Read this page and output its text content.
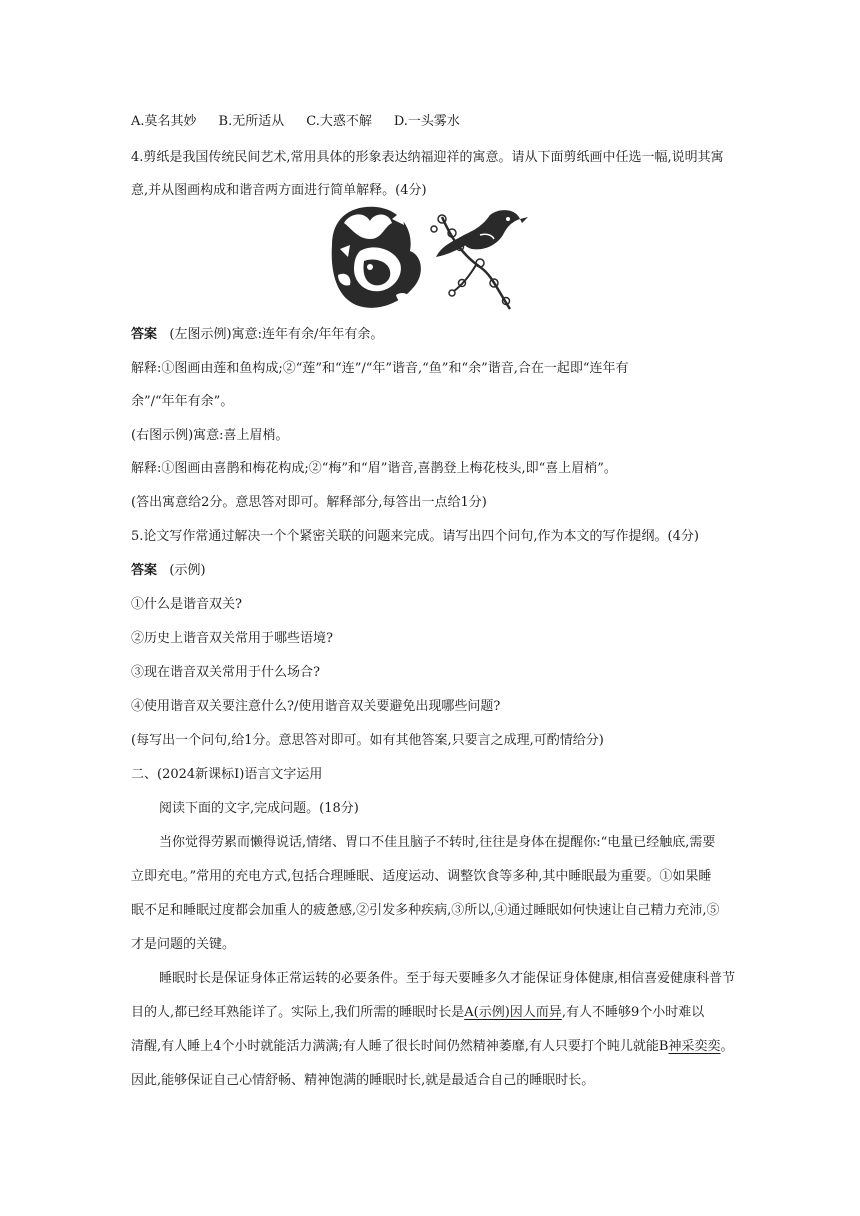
A.莫名其妙 B.无所适从 C.大惑不解 D.一头雾水
4.剪纸是我国传统民间艺术,常用具体的形象表达纳福迎祥的寓意。请从下面剪纸画中任选一幅,说明其寓
意,并从图画构成和谐音两方面进行简单解释。(4分)
答案 (左图示例)寓意:连年有余/年年有余。
解释:①图画由莲和鱼构成;②“莲”和“连”/“年”谐音,“鱼”和“余”谐音,合在一起即“连年有
余”/“年年有余”。
(右图示例)寓意:喜上眉梢。
解释:①图画由喜鹊和梅花构成;②“梅”和“眉”谐音,喜鹊登上梅花枝头,即“喜上眉梢”。
(答出寓意给2分。意思答对即可。解释部分,每答出一点给1分)
5.论文写作常通过解决一个个紧密关联的问题来完成。请写出四个问句,作为本文的写作提纲。(4分)
答案 (示例)
①什么是谐音双关?
②历史上谐音双关常用于哪些语境?
③现在谐音双关常用于什么场合?
④使用谐音双关要注意什么?/使用谐音双关要避免出现哪些问题?
(每写出一个问句,给1分。意思答对即可。如有其他答案,只要言之成理,可酌情给分)
二、(2024新课标Ⅰ)语言文字运用
阅读下面的文字,完成问题。(18分)
当你觉得劳累而懒得说话,情绪、胃口不佳且脑子不转时,往往是身体在提醒你:“电量已经触底,需要
立即充电。”常用的充电方式,包括合理睡眠、适度运动、调整饮食等多种,其中睡眠最为重要。①如果睡
眠不足和睡眠过度都会加重人的疲惫感,②引发多种疾病,③所以,④通过睡眠如何快速让自己精力充沛,⑤
才是问题的关键。
睡眠时长是保证身体正常运转的必要条件。至于每天要睡多久才能保证身体健康,相信喜爱健康科普节
目的人,都已经耳熟能详了。实际上,我们所需的睡眠时长是A(示例)因人而异,有人不睡够9个小时难以
清醒,有人睡上4个小时就能活力满满;有人睡了很长时间仍然精神萎靡,有人只要打个盹儿就能B神采奕奕。
因此,能够保证自己心情舒畅、精神饱满的睡眠时长,就是最适合自己的睡眠时长。
